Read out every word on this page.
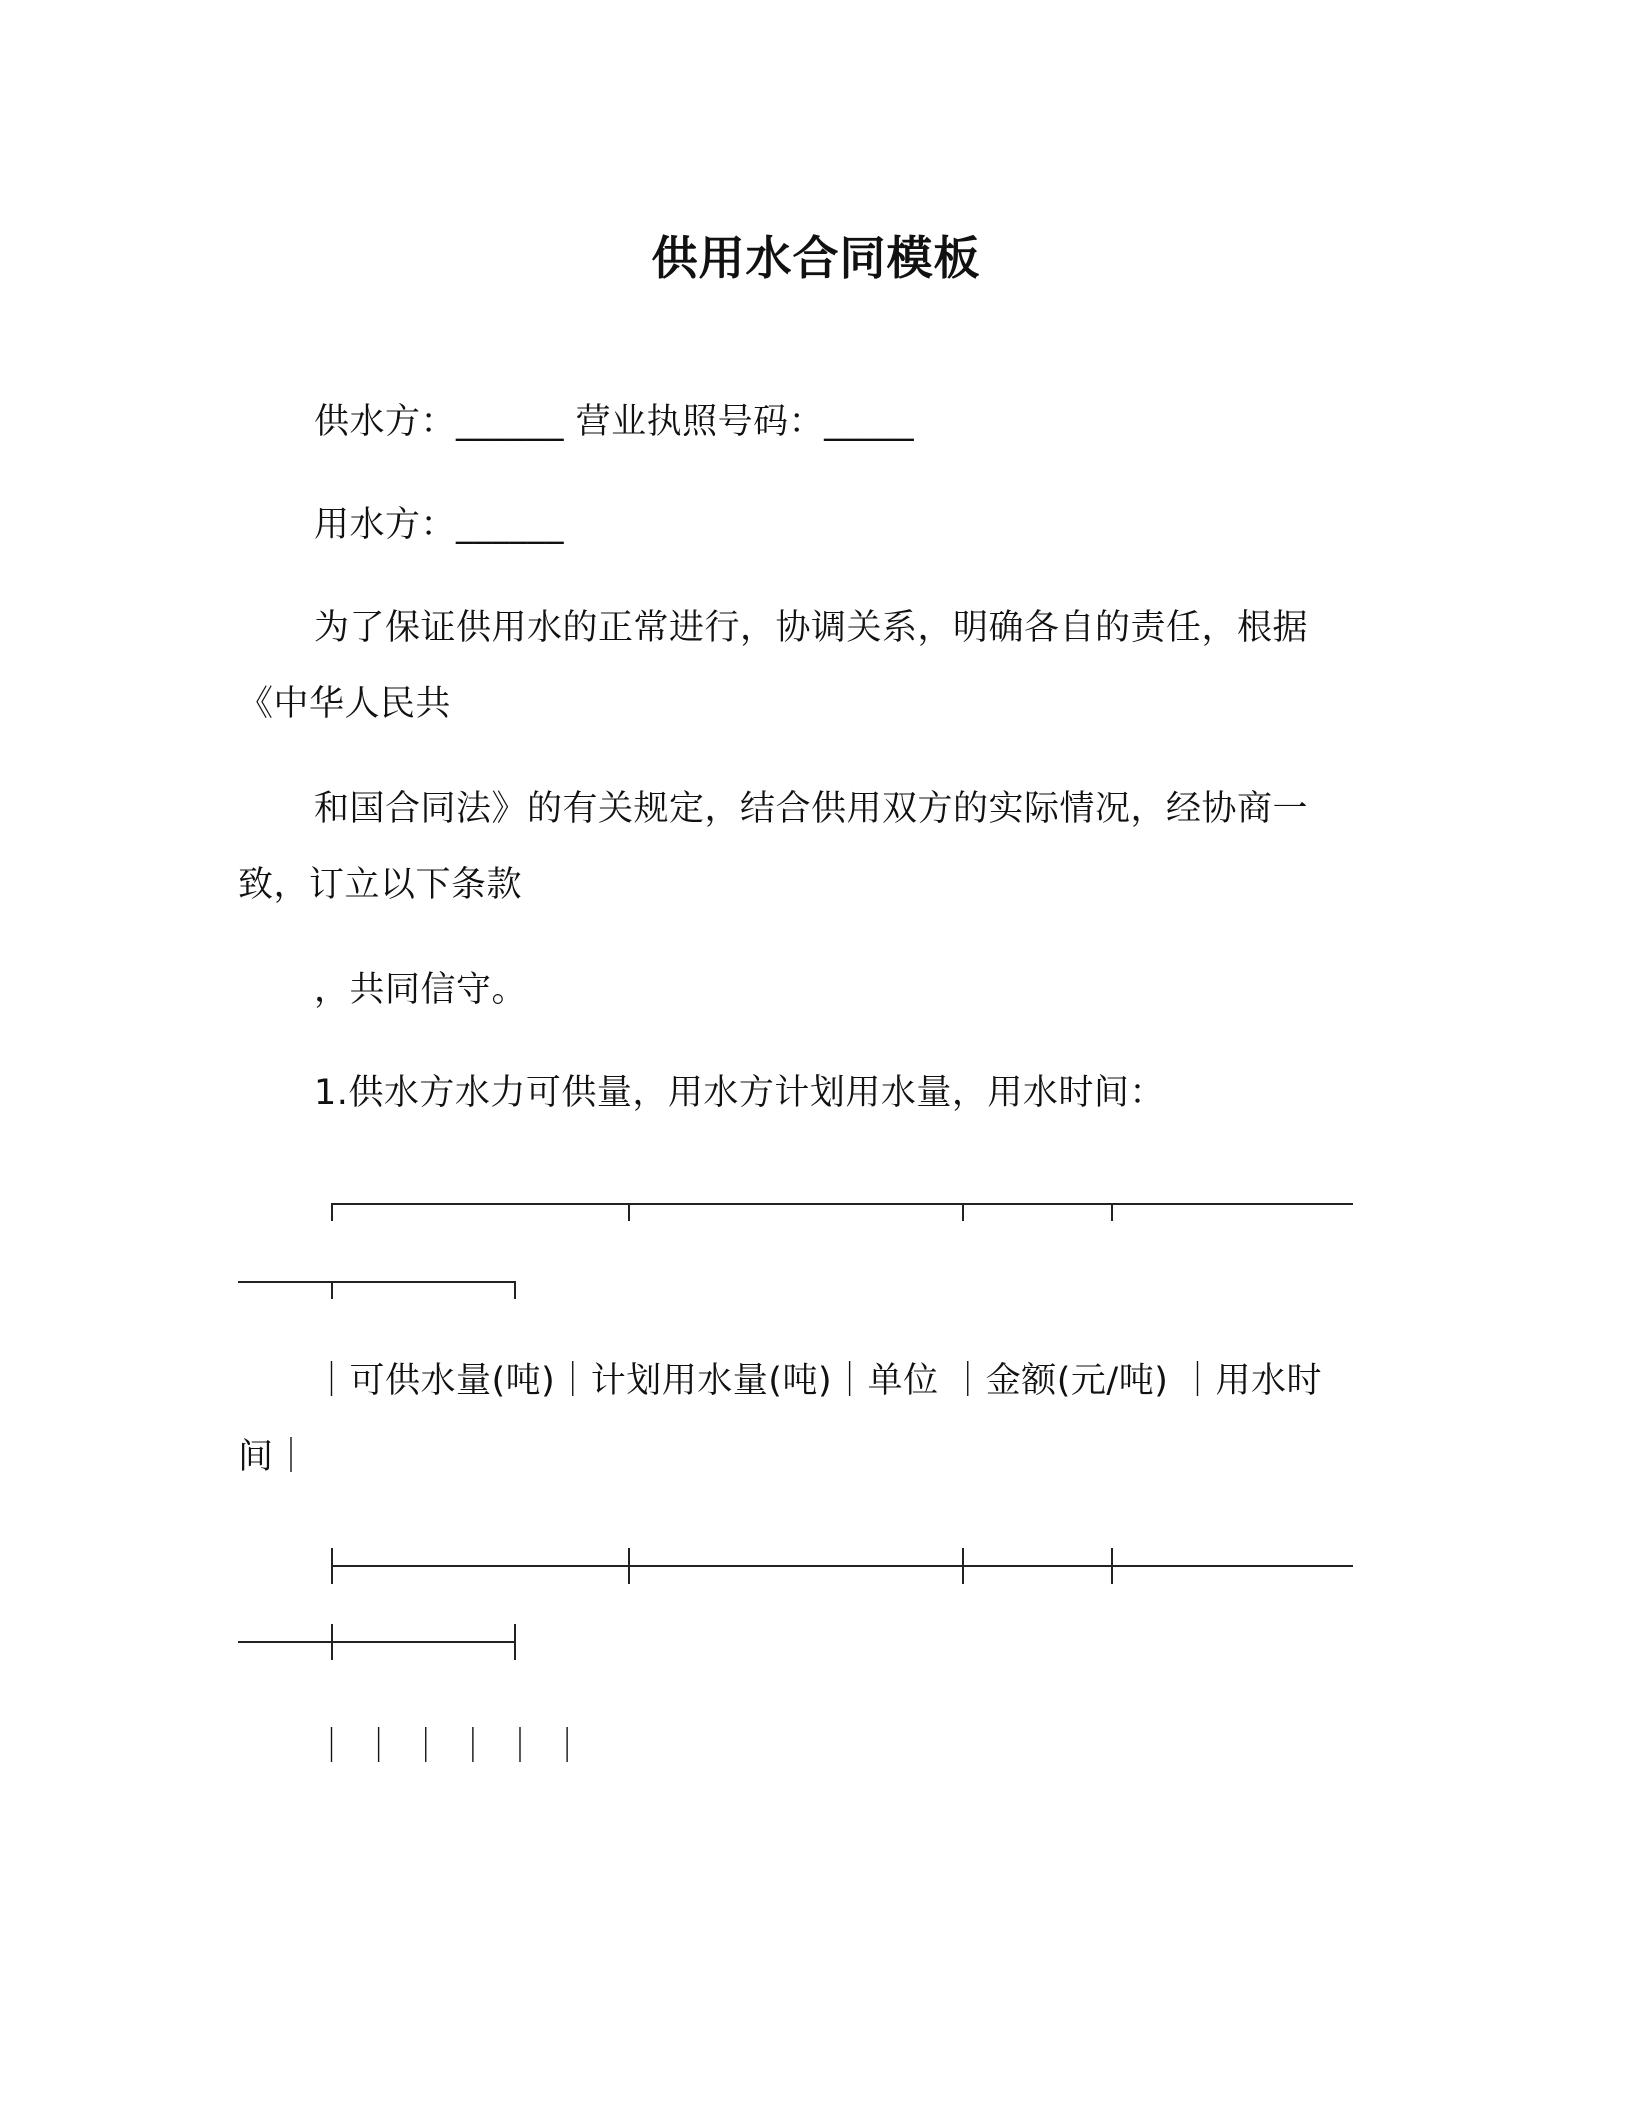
供用水合同模板
供水方：______ 营业执照号码：_____
用水方：______
为了保证供用水的正常进行，协调关系，明确各自的责任，根据
《中华人民共
和国合同法》的有关规定，结合供用双方的实际情况，经协商一
致，订立以下条款
，共同信守。
1.供水方水力可供量，用水方计划用水量，用水时间：
｜可供水量(吨)｜计划用水量(吨)｜单位 ｜金额(元/吨) ｜用水时
间｜
｜ ｜ ｜ ｜ ｜ ｜
